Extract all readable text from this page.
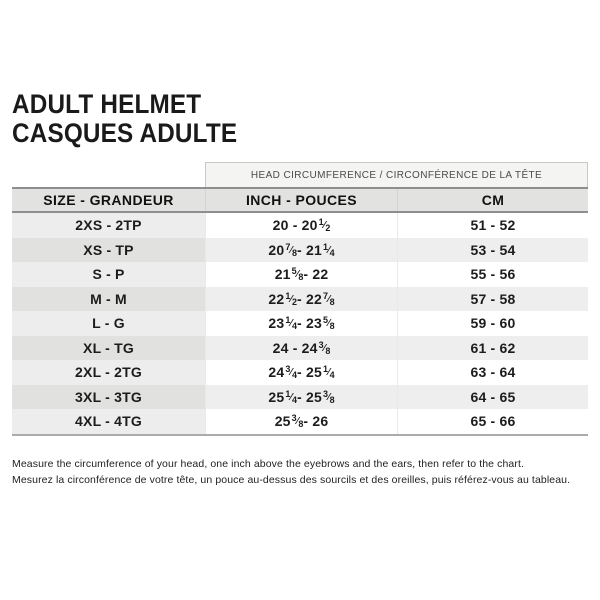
ADULT HELMET
CASQUES ADULTE
HEAD CIRCUMFERENCE / CIRCONFÉRENCE DE LA TÊTE
SIZE - GRANDEUR	INCH - POUCES	CM
2XS - 2TP	20 - 20 1⁄2	51 - 52
XS - TP	20 7⁄8 - 21 1⁄4	53 - 54
S - P	21 5⁄8 - 22	55 - 56
M - M	22 1⁄2 - 22 7⁄8	57 - 58
L - G	23 1⁄4 - 23 5⁄8	59 - 60
XL - TG	24 - 24 3⁄8	61 - 62
2XL - 2TG	24 3⁄4 - 25 1⁄4	63 - 64
3XL - 3TG	25 1⁄4 - 25 3⁄8	64 - 65
4XL - 4TG	25 3⁄8 - 26	65 - 66
Measure the circumference of your head, one inch above the eyebrows and the ears, then refer to the chart.
Mesurez la circonférence de votre tête, un pouce au-dessus des sourcils et des oreilles, puis référez-vous au tableau.
